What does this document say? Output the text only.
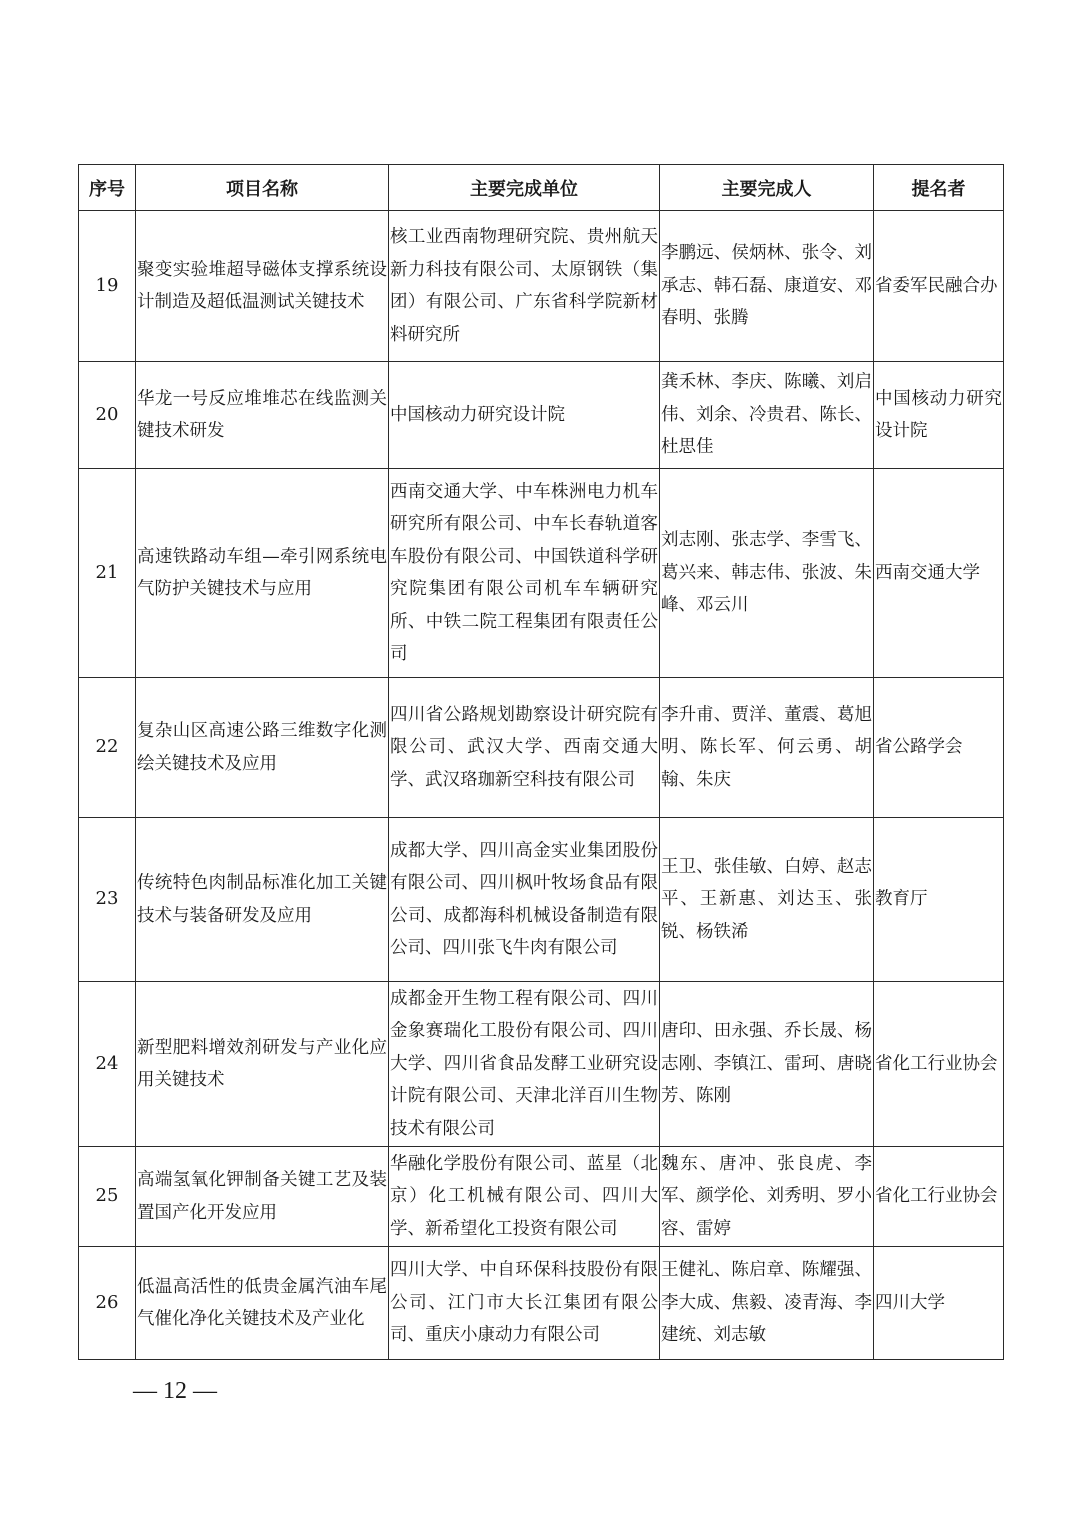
序号	项目名称	主要完成单位	主要完成人	提名者
19	聚变实验堆超导磁体支撑系统设计制造及超低温测试关键技术	核工业西南物理研究院、贵州航天新力科技有限公司、太原钢铁（集团）有限公司、广东省科学院新材料研究所	李鹏远、侯炳林、张令、刘承志、韩石磊、康道安、邓春明、张腾	省委军民融合办
20	华龙一号反应堆堆芯在线监测关键技术研发	中国核动力研究设计院	龚禾林、李庆、陈曦、刘启伟、刘余、冷贵君、陈长、杜思佳	中国核动力研究设计院
21	高速铁路动车组—牵引网系统电气防护关键技术与应用	西南交通大学、中车株洲电力机车研究所有限公司、中车长春轨道客车股份有限公司、中国铁道科学研究院集团有限公司机车车辆研究所、中铁二院工程集团有限责任公司	刘志刚、张志学、李雪飞、葛兴来、韩志伟、张波、朱峰、邓云川	西南交通大学
22	复杂山区高速公路三维数字化测绘关键技术及应用	四川省公路规划勘察设计研究院有限公司、武汉大学、西南交通大学、武汉珞珈新空科技有限公司	李升甫、贾洋、董震、葛旭明、陈长军、何云勇、胡翰、朱庆	省公路学会
23	传统特色肉制品标准化加工关键技术与装备研发及应用	成都大学、四川高金实业集团股份有限公司、四川枫叶牧场食品有限公司、成都海科机械设备制造有限公司、四川张飞牛肉有限公司	王卫、张佳敏、白婷、赵志平、王新惠、刘达玉、张锐、杨铁浠	教育厅
24	新型肥料增效剂研发与产业化应用关键技术	成都金开生物工程有限公司、四川金象赛瑞化工股份有限公司、四川大学、四川省食品发酵工业研究设计院有限公司、天津北洋百川生物技术有限公司	唐印、田永强、乔长晟、杨志刚、李镇江、雷珂、唐晓芳、陈刚	省化工行业协会
25	高端氢氧化钾制备关键工艺及装置国产化开发应用	华融化学股份有限公司、蓝星（北京）化工机械有限公司、四川大学、新希望化工投资有限公司	魏东、唐冲、张良虎、李军、颜学伦、刘秀明、罗小容、雷婷	省化工行业协会
26	低温高活性的低贵金属汽油车尾气催化净化关键技术及产业化	四川大学、中自环保科技股份有限公司、江门市大长江集团有限公司、重庆小康动力有限公司	王健礼、陈启章、陈耀强、李大成、焦毅、凌青海、李建统、刘志敏	四川大学
— 12 —
